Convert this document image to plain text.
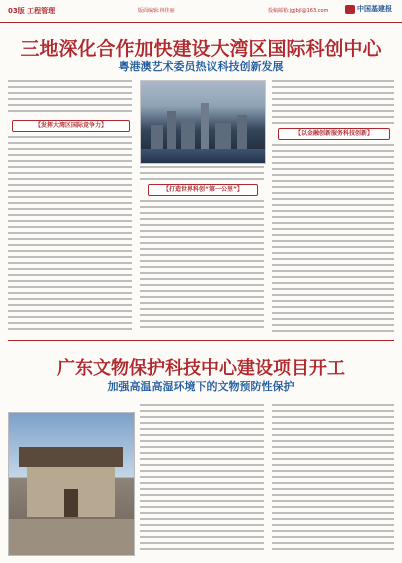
03版 工程管理	版面编辑:林佳丽	投稿邮箱:jgjbjl@163.com	中国基建报
三地深化合作加快建设大湾区国际科创中心
粤港澳艺术委员热议科技创新发展
【发挥大湾区国际竞争力】
【打造世界科创“第一公里”】
【以金融创新服务科技创新】
广东文物保护科技中心建设项目开工
加强高温高湿环境下的文物预防性保护
